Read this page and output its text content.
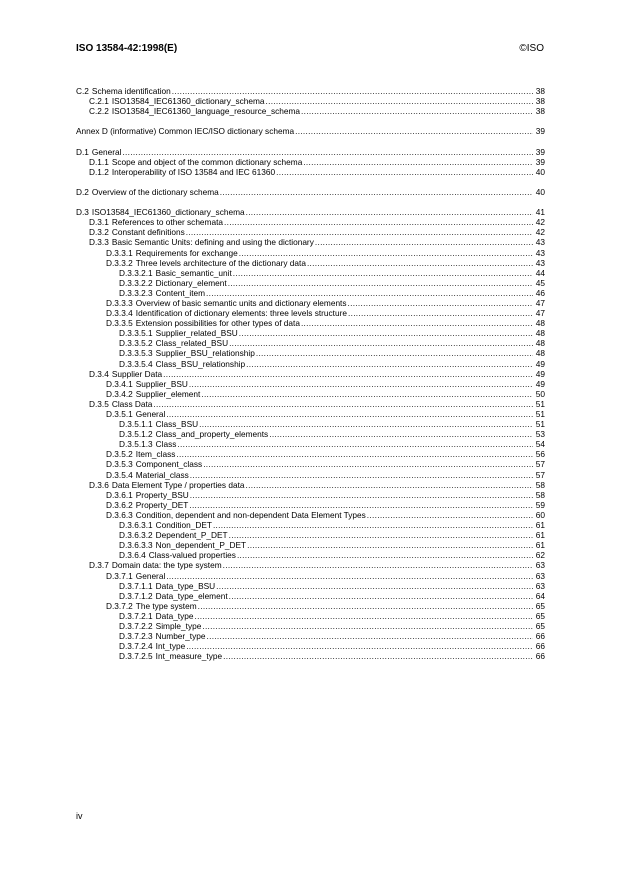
ISO 13584-42:1998(E)	©ISO
C.2 Schema identification .....	38
C.2.1 ISO13584_IEC61360_dictionary_schema .....	38
C.2.2 ISO13584_IEC61360_language_resource_schema .....	38
Annex D (informative) Common IEC/ISO dictionary schema .....	39
D.1 General .....	39
D.1.1 Scope and object of the common dictionary schema .....	39
D.1.2 Interoperability of ISO 13584 and IEC 61360 .....	40
D.2 Overview of the dictionary schema .....	40
D.3 ISO13584_IEC61360_dictionary_schema .....	41
D.3.1 References to other schemata .....	42
D.3.2 Constant definitions .....	42
D.3.3 Basic Semantic Units: defining and using the dictionary .....	43
D.3.3.1 Requirements for exchange .....	43
D.3.3.2 Three levels architecture of the dictionary data .....	43
D.3.3.2.1 Basic_semantic_unit .....	44
D.3.3.2.2 Dictionary_element .....	45
D.3.3.2.3 Content_item .....	46
D.3.3.3 Overview of basic semantic units and dictionary elements .....	47
D.3.3.4 Identification of dictionary elements: three levels structure .....	47
D.3.3.5 Extension possibilities for other types of data .....	48
D.3.3.5.1 Supplier_related_BSU .....	48
D.3.3.5.2 Class_related_BSU .....	48
D.3.3.5.3 Supplier_BSU_relationship .....	48
D.3.3.5.4 Class_BSU_relationship .....	49
D.3.4 Supplier Data .....	49
D.3.4.1 Supplier_BSU .....	49
D.3.4.2 Supplier_element .....	50
D.3.5 Class Data .....	51
D.3.5.1 General .....	51
D.3.5.1.1 Class_BSU .....	51
D.3.5.1.2 Class_and_property_elements .....	53
D.3.5.1.3 Class .....	54
D.3.5.2 Item_class .....	56
D.3.5.3 Component_class .....	57
D.3.5.4 Material_class .....	57
D.3.6 Data Element Type / properties data .....	58
D.3.6.1 Property_BSU .....	58
D.3.6.2 Property_DET .....	59
D.3.6.3 Condition, dependent and non-dependent Data Element Types .....	60
D.3.6.3.1 Condition_DET .....	61
D.3.6.3.2 Dependent_P_DET .....	61
D.3.6.3.3 Non_dependent_P_DET .....	61
D.3.6.4 Class-valued properties .....	62
D.3.7 Domain data: the type system .....	63
D.3.7.1 General .....	63
D.3.7.1.1 Data_type_BSU .....	63
D.3.7.1.2 Data_type_element .....	64
D.3.7.2 The type system .....	65
D.3.7.2.1 Data_type .....	65
D.3.7.2.2 Simple_type .....	65
D.3.7.2.3 Number_type .....	66
D.3.7.2.4 Int_type .....	66
D.3.7.2.5 Int_measure_type .....	66
iv
